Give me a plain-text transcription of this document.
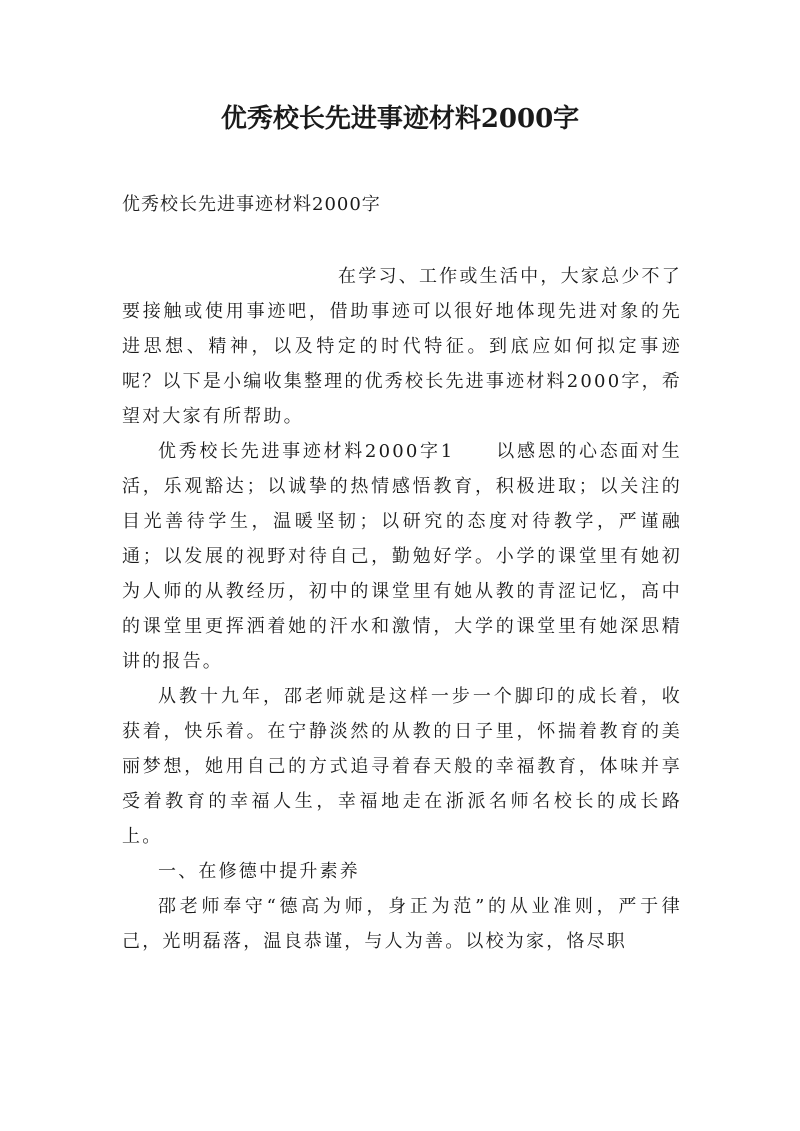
优秀校长先进事迹材料2000字

优秀校长先进事迹材料2000字

在学习、工作或生活中，大家总少不了要接触或使用事迹吧，借助事迹可以很好地体现先进对象的先进思想、精神，以及特定的时代特征。到底应如何拟定事迹呢？以下是小编收集整理的优秀校长先进事迹材料2000字，希望对大家有所帮助。

优秀校长先进事迹材料2000字1　　以感恩的心态面对生活，乐观豁达；以诚挚的热情感悟教育，积极进取；以关注的目光善待学生，温暖坚韧；以研究的态度对待教学，严谨融通；以发展的视野对待自己，勤勉好学。小学的课堂里有她初为人师的从教经历，初中的课堂里有她从教的青涩记忆，高中的课堂里更挥洒着她的汗水和激情，大学的课堂里有她深思精讲的报告。

从教十九年，邵老师就是这样一步一个脚印的成长着，收获着，快乐着。在宁静淡然的从教的日子里，怀揣着教育的美丽梦想，她用自己的方式追寻着春天般的幸福教育，体味并享受着教育的幸福人生，幸福地走在浙派名师名校长的成长路上。

一、在修德中提升素养

邵老师奉守“德高为师，身正为范”的从业准则，严于律己，光明磊落，温良恭谨，与人为善。以校为家，恪尽职
